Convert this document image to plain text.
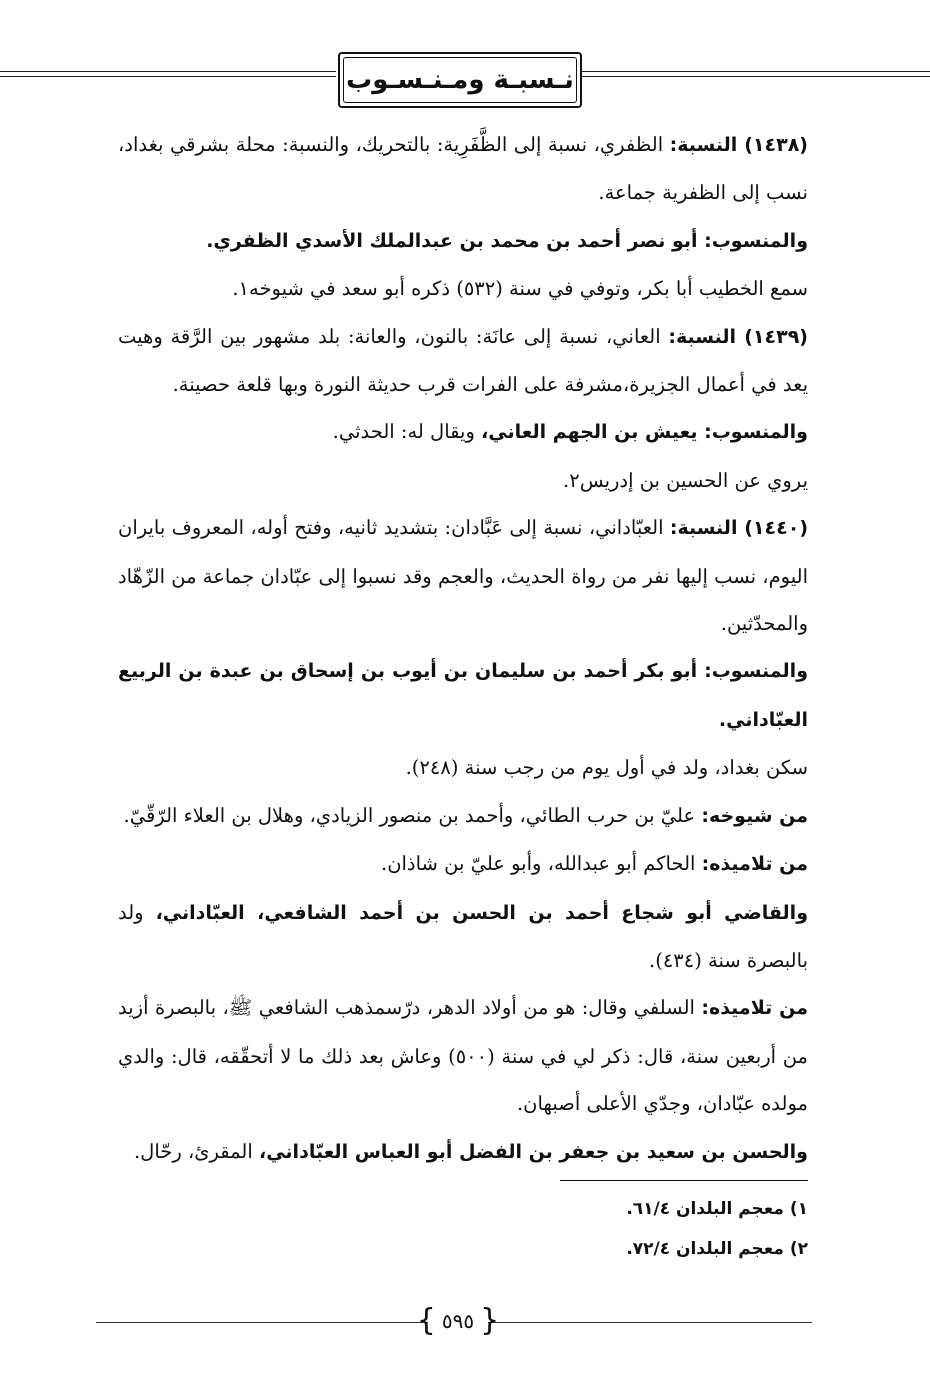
نـسبـة ومـنـسـوب

(١٤٣٨) النسبة: الظفري، نسبة إلى الظَّفَرِية: بالتحريك، والنسبة: محلة بشرقي بغداد، نسب إلى الظفرية جماعة.

والمنسوب: أبو نصر أحمد بن محمد بن عبدالملك الأسدي الظفري.

سمع الخطيب أبا بكر، وتوفي في سنة (٥٣٢) ذكره أبو سعد في شيوخه١.

(١٤٣٩) النسبة: العاني، نسبة إلى عانَة: بالنون، والعانة: بلد مشهور بين الرَّقة وهيت يعد في أعمال الجزيرة،مشرفة على الفرات قرب حديثة النورة وبها قلعة حصينة.

والمنسوب: يعيش بن الجهم العاني، ويقال له: الحدثي.

يروي عن الحسين بن إدريس٢.

(١٤٤٠) النسبة: العبّاداني، نسبة إلى عَبَّادان: بتشديد ثانيه، وفتح أوله، المعروف بايران اليوم، نسب إليها نفر من رواة الحديث، والعجم وقد نسبوا إلى عبّادان جماعة من الزّهّاد والمحدّثين.

والمنسوب: أبو بكر أحمد بن سليمان بن أيوب بن إسحاق بن عبدة بن الربيع العبّاداني.

سكن بغداد، ولد في أول يوم من رجب سنة (٢٤٨).

من شيوخه: عليّ بن حرب الطائي، وأحمد بن منصور الزيادي، وهلال بن العلاء الرّقّيّ.

من تلاميذه: الحاكم أبو عبدالله، وأبو عليّ بن شاذان.

والقاضي أبو شجاع أحمد بن الحسن بن أحمد الشافعي، العبّاداني، ولد بالبصرة سنة (٤٣٤).

من تلاميذه: السلفي وقال: هو من أولاد الدهر، درّسمذهب الشافعي ﷺ، بالبصرة أزيد من أربعين سنة، قال: ذكر لي في سنة (٥٠٠) وعاش بعد ذلك ما لا أتحقّقه، قال: والدي مولده عبّادان، وجدّي الأعلى أصبهان.

والحسن بن سعيد بن جعفر بن الفضل أبو العباس العبّاداني، المقرئ، رحّال.

١) معجم البلدان ٦١/٤.
٢) معجم البلدان ٧٢/٤.
{
٥٩٥
}
